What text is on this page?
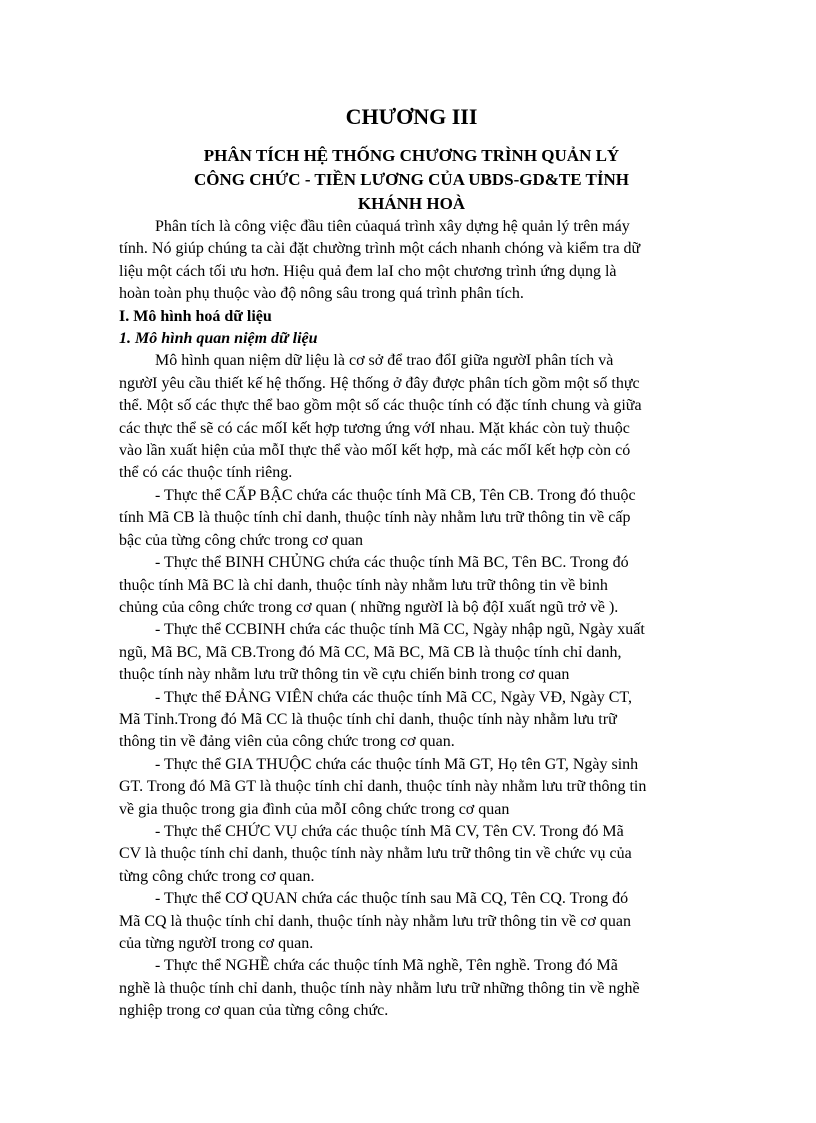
CHƯƠNG III
PHÂN TÍCH HỆ THỐNG CHƯƠNG TRÌNH QUẢN LÝ
CÔNG CHỨC - TIỀN LƯƠNG CỦA UBDS-GD&TE TỈNH
KHÁNH HOÀ
Phân tích là công việc đầu tiên củaquá trình xây dựng hệ quản lý trên máy
tính. Nó giúp chúng ta cài đặt chường trình một cách nhanh chóng và kiểm tra dữ
liệu một cách tối ưu hơn. Hiệu quả đem laI cho một chương trình ứng dụng là
hoàn toàn phụ thuộc vào độ nông sâu trong quá trình phân tích.
I. Mô hình hoá dữ liệu
1. Mô hình quan niệm dữ liệu
Mô hình quan niệm dữ liệu là cơ sở để trao đổI giữa ngườI phân tích và
ngườI yêu cầu thiết kế hệ thống. Hệ thống ở đây được phân tích gồm một số thực
thể. Một số các thực thể bao gồm một số các thuộc tính có đặc tính chung và giữa
các thực thể sẽ có các mốI kết hợp tương ứng vớI nhau. Mặt khác còn tuỳ thuộc
vào lần xuất hiện của mỗI thực thể vào mốI kết hợp, mà các mốI kết hợp còn có
thể có các thuộc tính riêng.
- Thực thể CẤP BẬC chứa các thuộc tính Mã CB, Tên CB. Trong đó thuộc
tính Mã CB là thuộc tính chỉ danh, thuộc tính này nhằm lưu trữ thông tin về cấp
bậc của từng công chức trong cơ quan
- Thực thể BINH CHỦNG chứa các thuộc tính Mã BC, Tên BC. Trong đó
thuộc tính Mã BC là chỉ danh, thuộc tính này nhằm lưu trữ thông tin về binh
chủng của công chức trong cơ quan ( những ngườI là bộ độI xuất ngũ trở về ).
- Thực thể CCBINH chứa các thuộc tính Mã CC, Ngày nhập ngũ, Ngày xuất
ngũ, Mã BC, Mã CB.Trong đó Mã CC, Mã BC, Mã CB là thuộc tính chỉ danh,
thuộc tính này nhằm lưu trữ thông tin về cựu chiến binh trong cơ quan
- Thực thể ĐẢNG VIÊN chứa các thuộc tính Mã CC, Ngày VĐ, Ngày CT,
Mã Tỉnh.Trong đó Mã CC là thuộc tính chỉ danh, thuộc tính này nhằm lưu trữ
thông tin về đảng viên của công chức trong cơ quan.
- Thực thể GIA THUỘC chứa các thuộc tính Mã GT, Họ tên GT, Ngày sinh
GT. Trong đó Mã GT là thuộc tính chỉ danh, thuộc tính này nhằm lưu trữ thông tin
về gia thuộc trong gia đình của mỗI công chức trong cơ quan
- Thực thể CHỨC VỤ chứa các thuộc tính Mã CV, Tên CV. Trong đó Mã
CV là thuộc tính chỉ danh, thuộc tính này nhằm lưu trữ thông tin về chức vụ của
từng công chức trong cơ quan.
- Thực thể CƠ QUAN chứa các thuộc tính sau Mã CQ, Tên CQ. Trong đó
Mã CQ là thuộc tính chỉ danh, thuộc tính này nhằm lưu trữ thông tin về cơ quan
của từng ngườI trong cơ quan.
- Thực thể NGHỀ chứa các thuộc tính Mã nghề, Tên nghề. Trong đó Mã
nghề là thuộc tính chỉ danh, thuộc tính này nhằm lưu trữ những thông tin về nghề
nghiệp trong cơ quan của từng công chức.
